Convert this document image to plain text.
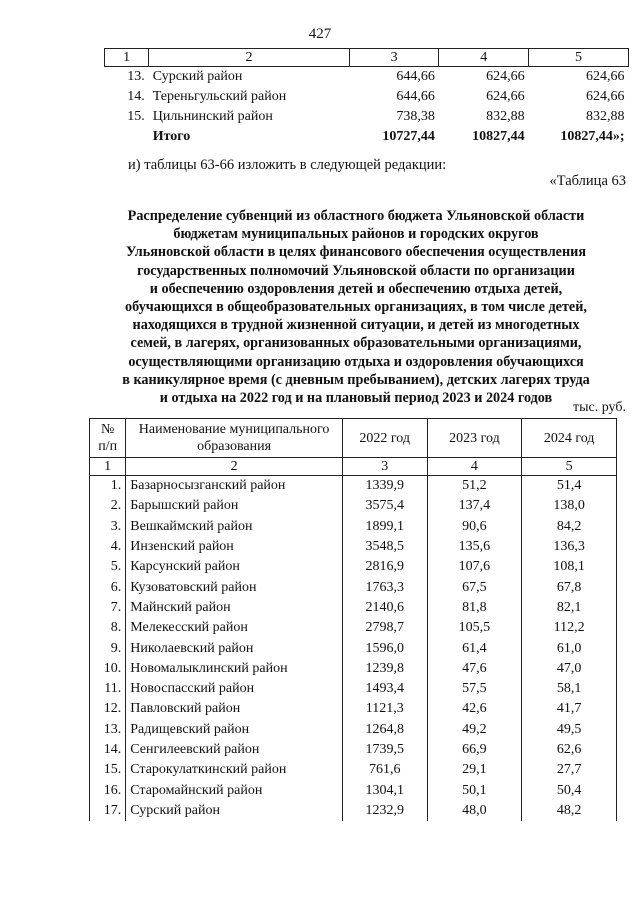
427
1	2	3	4	5
13.	Сурский район	644,66	624,66	624,66
14.	Тереньгульский район	644,66	624,66	624,66
15.	Цильнинский район	738,38	832,88	832,88
	Итого	10727,44	10827,44	10827,44»;
и) таблицы 63-66 изложить в следующей редакции:
«Таблица 63
Распределение субвенций из областного бюджета Ульяновской области
бюджетам муниципальных районов и городских округов
Ульяновской области в целях финансового обеспечения осуществления
государственных полномочий Ульяновской области по организации
и обеспечению оздоровления детей и обеспечению отдыха детей,
обучающихся в общеобразовательных организациях, в том числе детей,
находящихся в трудной жизненной ситуации, и детей из многодетных
семей, в лагерях, организованных образовательными организациями,
осуществляющими организацию отдыха и оздоровления обучающихся
в каникулярное время (с дневным пребыванием), детских лагерях труда
и отдыха на 2022 год и на плановый период 2023 и 2024 годов
тыс. руб.
№ п/п	Наименование муниципального образования	2022 год	2023 год	2024 год
1	2	3	4	5
1.	Базарносызганский район	1339,9	51,2	51,4
2.	Барышский район	3575,4	137,4	138,0
3.	Вешкаймский район	1899,1	90,6	84,2
4.	Инзенский район	3548,5	135,6	136,3
5.	Карсунский район	2816,9	107,6	108,1
6.	Кузоватовский район	1763,3	67,5	67,8
7.	Майнский район	2140,6	81,8	82,1
8.	Мелекесский район	2798,7	105,5	112,2
9.	Николаевский район	1596,0	61,4	61,0
10.	Новомалыклинский район	1239,8	47,6	47,0
11.	Новоспасский район	1493,4	57,5	58,1
12.	Павловский район	1121,3	42,6	41,7
13.	Радищевский район	1264,8	49,2	49,5
14.	Сенгилеевский район	1739,5	66,9	62,6
15.	Старокулаткинский район	761,6	29,1	27,7
16.	Старомайнский район	1304,1	50,1	50,4
17.	Сурский район	1232,9	48,0	48,2
